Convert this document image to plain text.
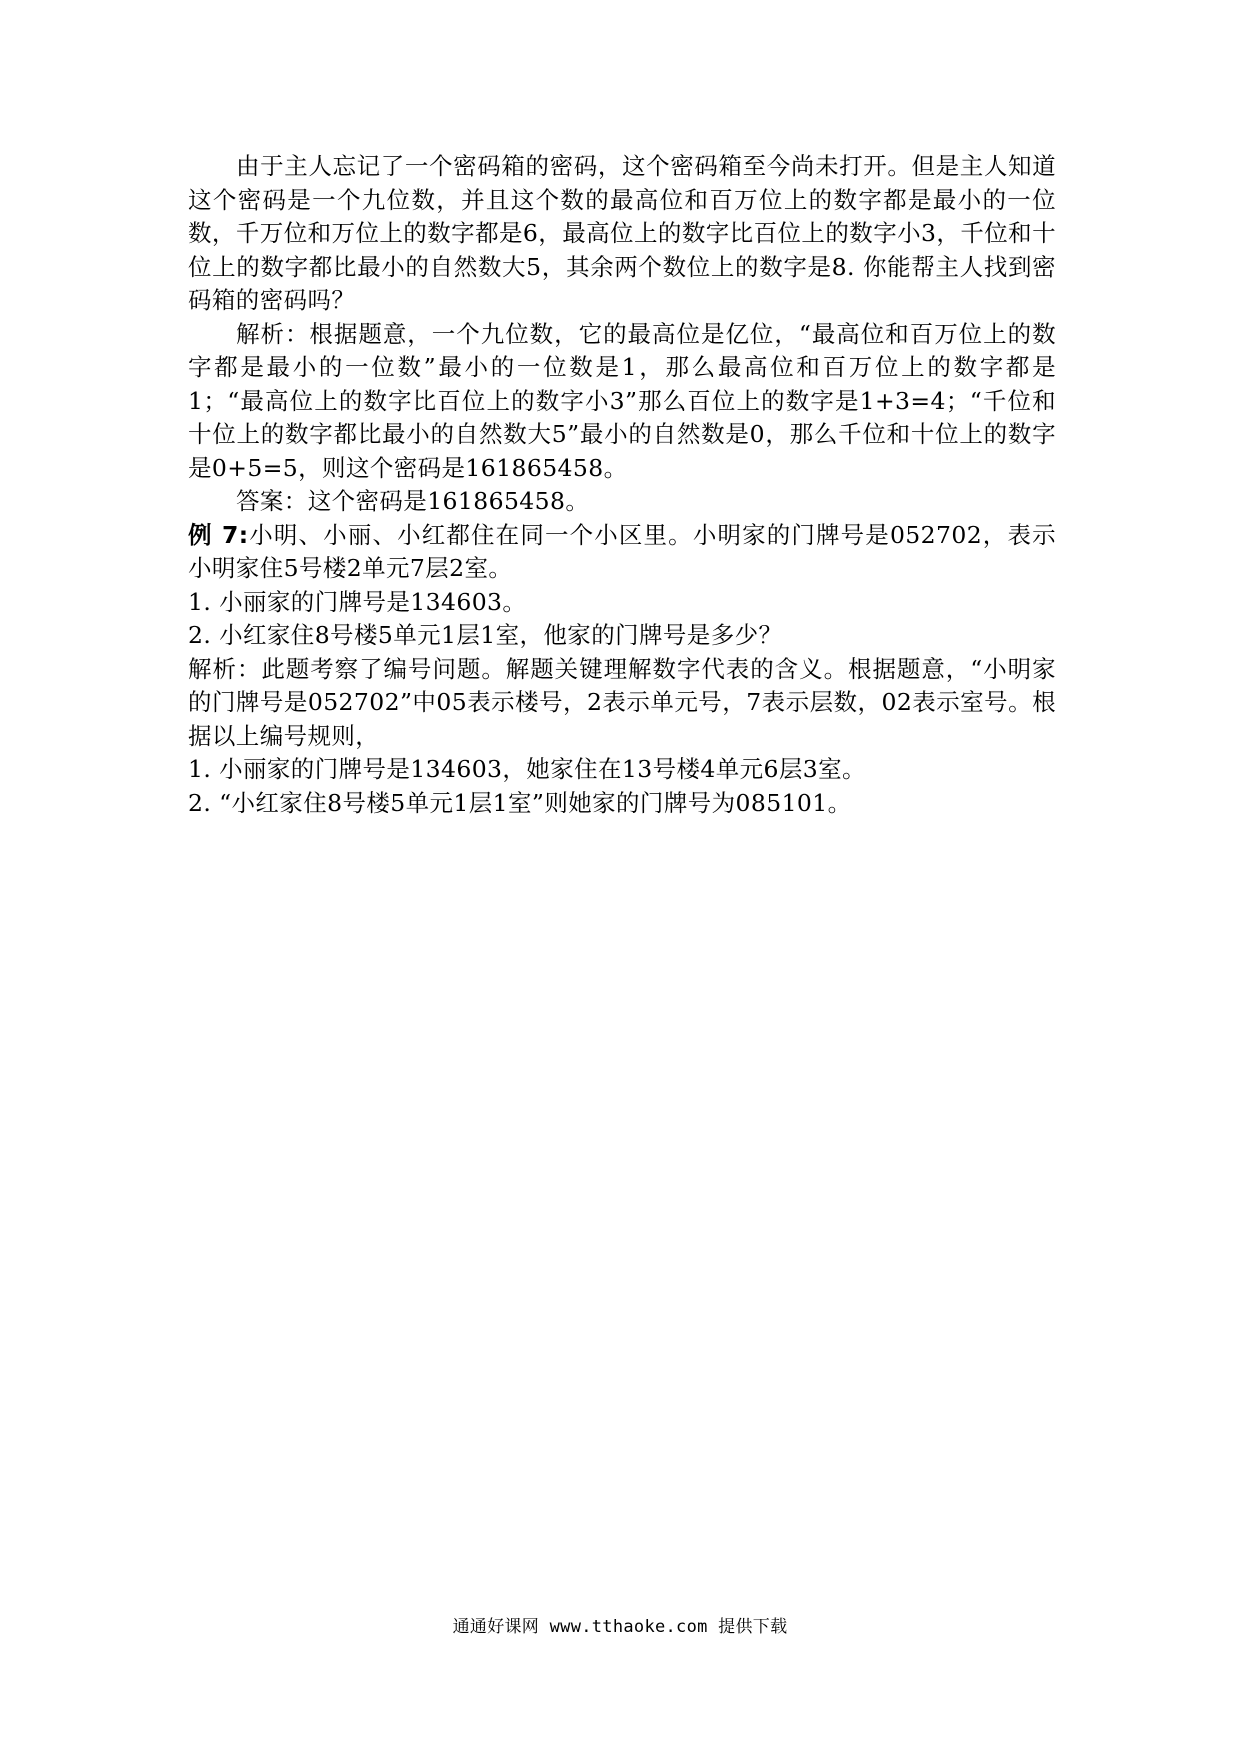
由于主人忘记了一个密码箱的密码，这个密码箱至今尚未打开。但是主人知道这个密码是一个九位数，并且这个数的最高位和百万位上的数字都是最小的一位数，千万位和万位上的数字都是6，最高位上的数字比百位上的数字小3，千位和十位上的数字都比最小的自然数大5，其余两个数位上的数字是8. 你能帮主人找到密码箱的密码吗？

解析：根据题意，一个九位数，它的最高位是亿位，“最高位和百万位上的数字都是最小的一位数”最小的一位数是1，那么最高位和百万位上的数字都是1；“最高位上的数字比百位上的数字小3”那么百位上的数字是1+3=4；“千位和十位上的数字都比最小的自然数大5”最小的自然数是0，那么千位和十位上的数字是0+5=5，则这个密码是161865458。

答案：这个密码是161865458。

例 7:小明、小丽、小红都住在同一个小区里。小明家的门牌号是052702，表示小明家住5号楼2单元7层2室。

1. 小丽家的门牌号是134603。

2. 小红家住8号楼5单元1层1室，他家的门牌号是多少？

解析：此题考察了编号问题。解题关键理解数字代表的含义。根据题意，“小明家的门牌号是052702”中05表示楼号，2表示单元号，7表示层数，02表示室号。根据以上编号规则，

1. 小丽家的门牌号是134603，她家住在13号楼4单元6层3室。

2. “小红家住8号楼5单元1层1室”则她家的门牌号为085101。

通通好课网 www.tthaoke.com 提供下载
